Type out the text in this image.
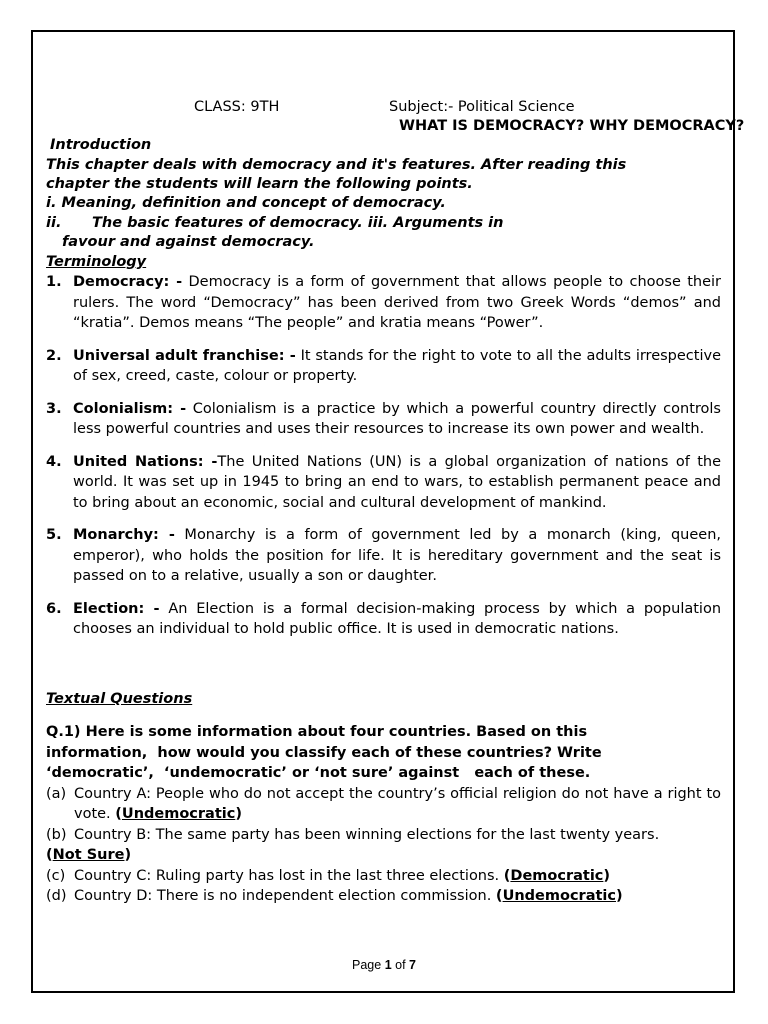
CLASS: 9TH	Subject:- Political Science
WHAT IS DEMOCRACY? WHY DEMOCRACY?
Introduction
This chapter deals with democracy and it's features. After reading this
chapter the students will learn the following points.
i. Meaning, definition and concept of democracy.
ii. The basic features of democracy. iii. Arguments in
favour and against democracy.
Terminology
1. Democracy: - Democracy is a form of government that allows people to choose their rulers. The word “Democracy” has been derived from two Greek Words “demos” and “kratia”. Demos means “The people” and kratia means “Power”.
2. Universal adult franchise: - It stands for the right to vote to all the adults irrespective of sex, creed, caste, colour or property.
3. Colonialism: - Colonialism is a practice by which a powerful country directly controls less powerful countries and uses their resources to increase its own power and wealth.
4. United Nations: -The United Nations (UN) is a global organization of nations of the world. It was set up in 1945 to bring an end to wars, to establish permanent peace and to bring about an economic, social and cultural development of mankind.
5. Monarchy: - Monarchy is a form of government led by a monarch (king, queen, emperor), who holds the position for life. It is hereditary government and the seat is passed on to a relative, usually a son or daughter.
6. Election: - An Election is a formal decision-making process by which a population chooses an individual to hold public office. It is used in democratic nations.
Textual Questions
Q.1) Here is some information about four countries. Based on this
information,  how would you classify each of these countries? Write
‘democratic’,  ‘undemocratic’ or ‘not sure’ against   each of these.
(a) Country A: People who do not accept the country’s official religion do not have a right to vote. (Undemocratic)
(b) Country B: The same party has been winning elections for the last twenty years.
(Not Sure)
(c) Country C: Ruling party has lost in the last three elections. (Democratic)
(d) Country D: There is no independent election commission. (Undemocratic)
Page 1 of 7
